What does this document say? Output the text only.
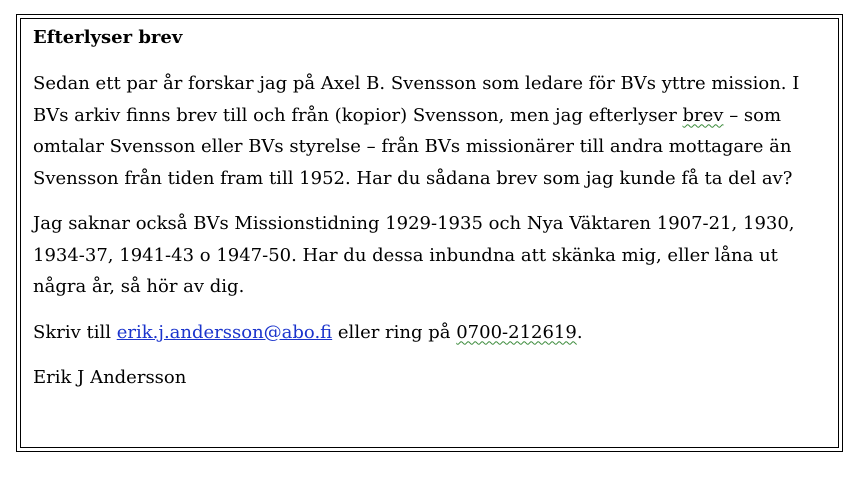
Efterlyser brev

Sedan ett par år forskar jag på Axel B. Svensson som ledare för BVs yttre mission. I BVs arkiv finns brev till och från (kopior) Svensson, men jag efterlyser brev – som omtalar Svensson eller BVs styrelse – från BVs missionärer till andra mottagare än Svensson från tiden fram till 1952. Har du sådana brev som jag kunde få ta del av?

Jag saknar också BVs Missionstidning 1929-1935 och Nya Väktaren 1907-21, 1930, 1934-37, 1941-43 o 1947-50. Har du dessa inbundna att skänka mig, eller låna ut några år, så hör av dig.

Skriv till erik.j.andersson@abo.fi eller ring på 0700-212619.

Erik J Andersson
